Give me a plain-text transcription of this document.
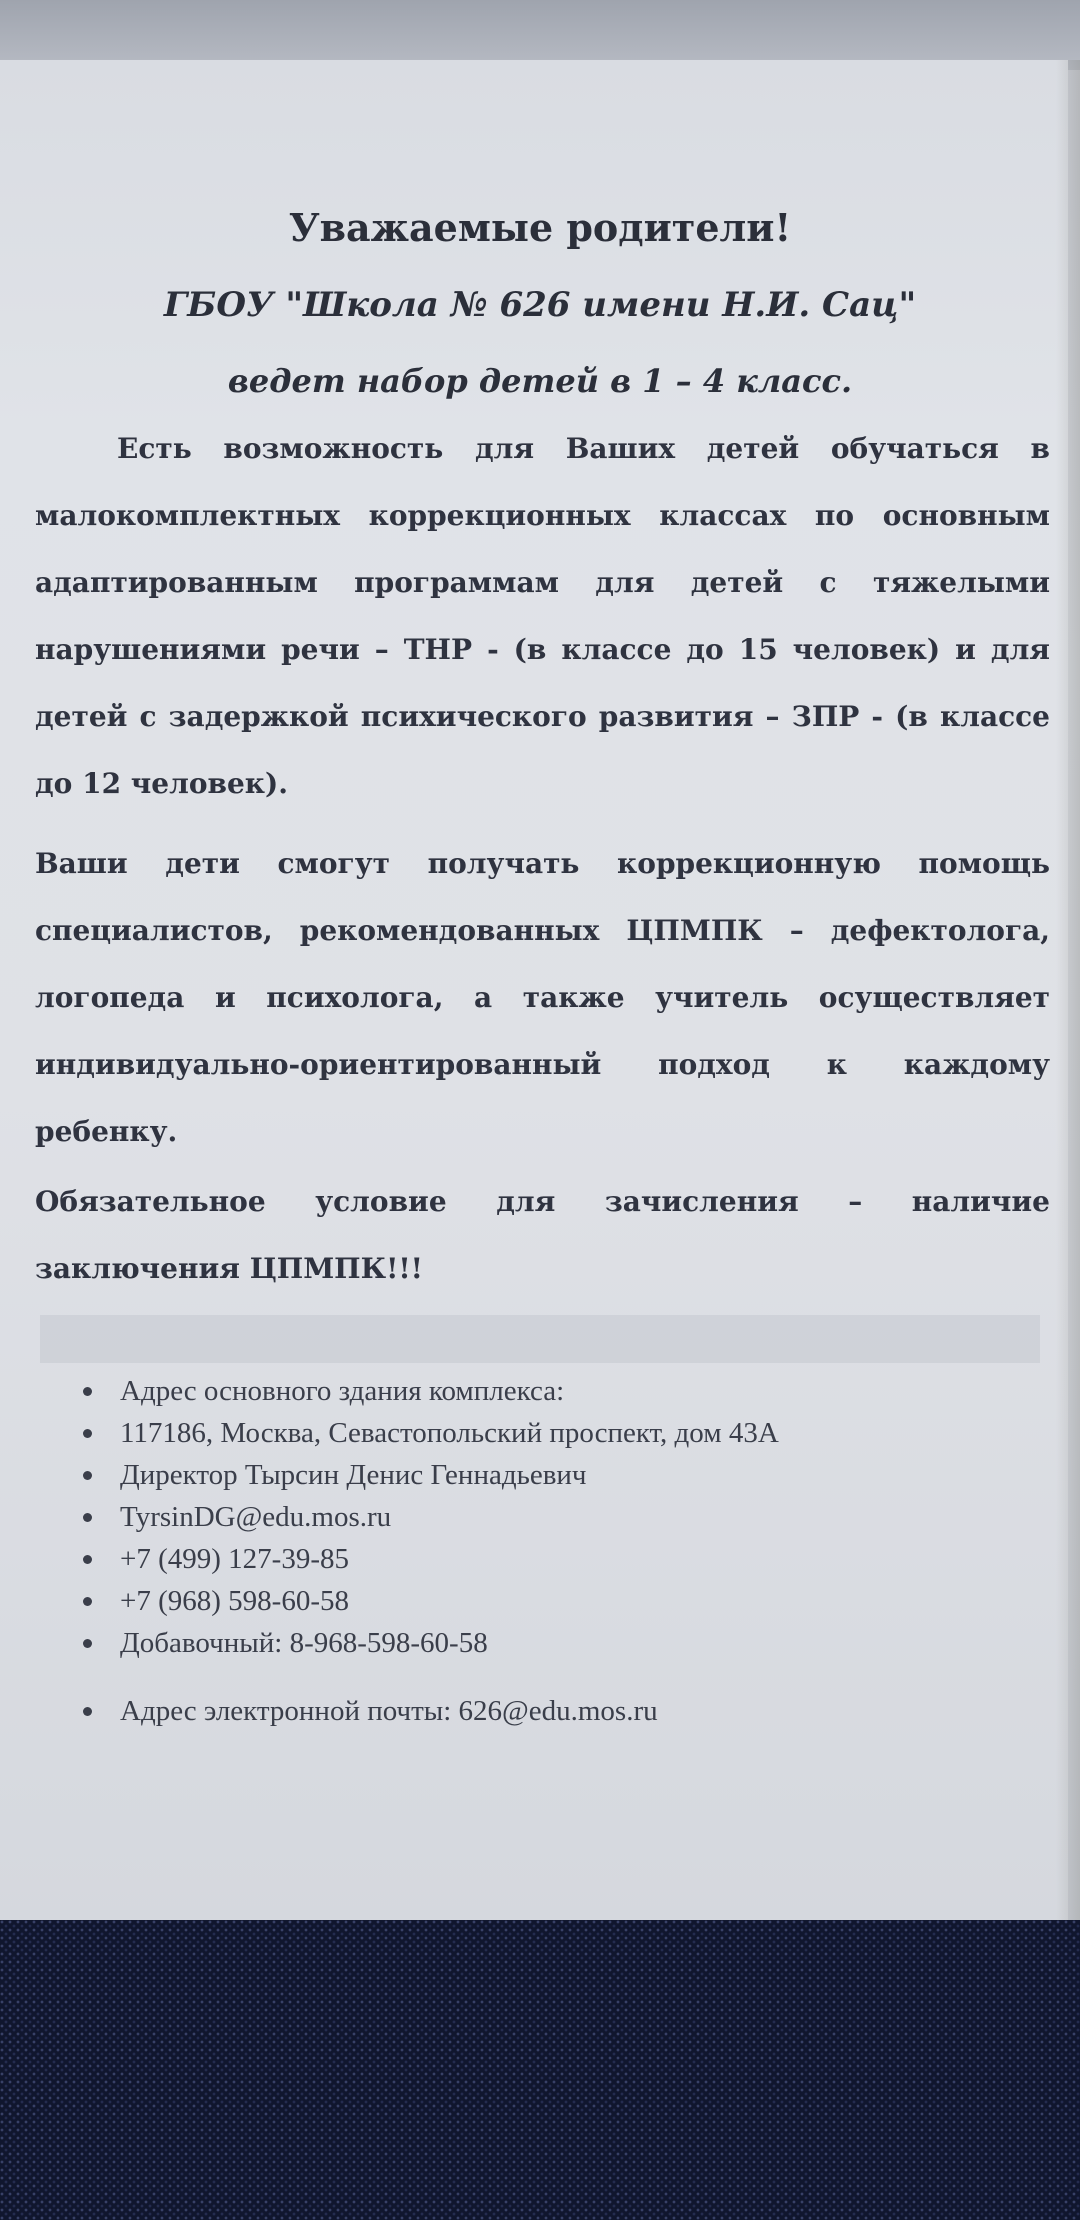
Уважаемые родители!
ГБОУ "Школа № 626 имени Н.И. Сац"
ведет набор детей в 1 – 4 класс.

Есть возможность для Ваших детей обучаться в малокомплектных коррекционных классах по основным адаптированным программам для детей с тяжелыми нарушениями речи – ТНР - (в классе до 15 человек) и для детей с задержкой психического развития – ЗПР - (в классе до 12 человек).

Ваши дети смогут получать коррекционную помощь специалистов, рекомендованных ЦПМПК – дефектолога, логопеда и психолога, а также учитель осуществляет индивидуально-ориентированный подход к каждому ребенку.

Обязательное условие для зачисления – наличие заключения ЦПМПК!!!

Адрес основного здания комплекса:
117186, Москва, Севастопольский проспект, дом 43А
Директор Тырсин Денис Геннадьевич
TyrsinDG@edu.mos.ru
+7 (499) 127-39-85
+7 (968) 598-60-58
Добавочный: 8-968-598-60-58
Адрес электронной почты: 626@edu.mos.ru
